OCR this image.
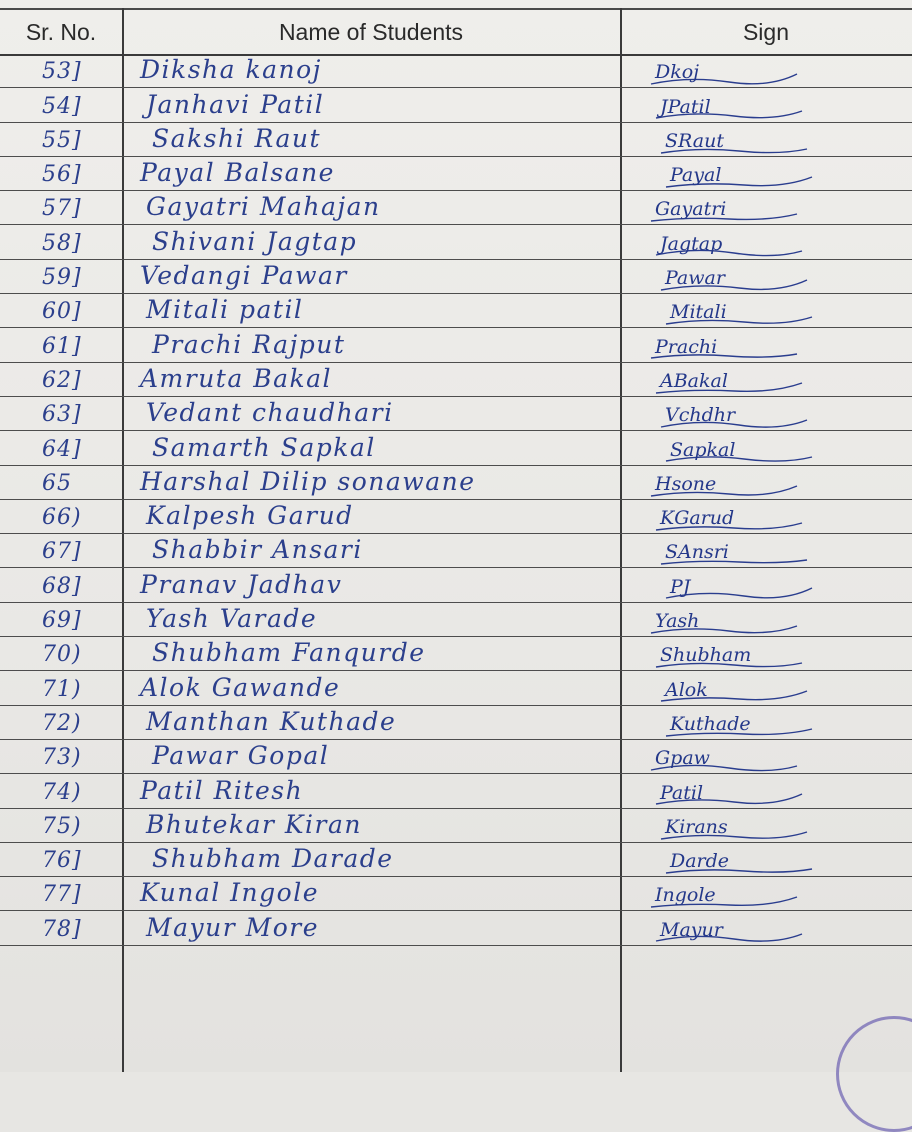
Sr. No.	Name of Students	Sign
53] Diksha kanoj	Dkoj
54]	Janhavi Patil	JPatil
55]	Sakshi Raut	SRaut
56] Payal Balsane	Payal
57]	Gayatri Mahajan	Gayatri
58]	Shivani Jagtap	Jagtap
59] Vedangi Pawar	Pawar
60]	Mitali patil	Mitali
61]	Prachi Rajput	Prachi
62] Amruta Bakal	ABakal
63]	Vedant chaudhari	Vchdhr
64]	Samarth Sapkal	Sapkal
65	Harshal Dilip sonawane	Hsone
66)	Kalpesh Garud	KGarud
67]	Shabbir Ansari	SAnsri
68] Pranav Jadhav	PJ
69]	Yash Varade	Yash
70)	Shubham Fanqurde	Shubham
71) Alok Gawande	Alok
72)	Manthan Kuthade	Kuthade
73)	Pawar Gopal	Gpaw
74) Patil Ritesh	Patil
75)	Bhutekar Kiran	Kirans
76]	Shubham Darade	Darde
77] Kunal Ingole	Ingole
78]	Mayur More	Mayur
